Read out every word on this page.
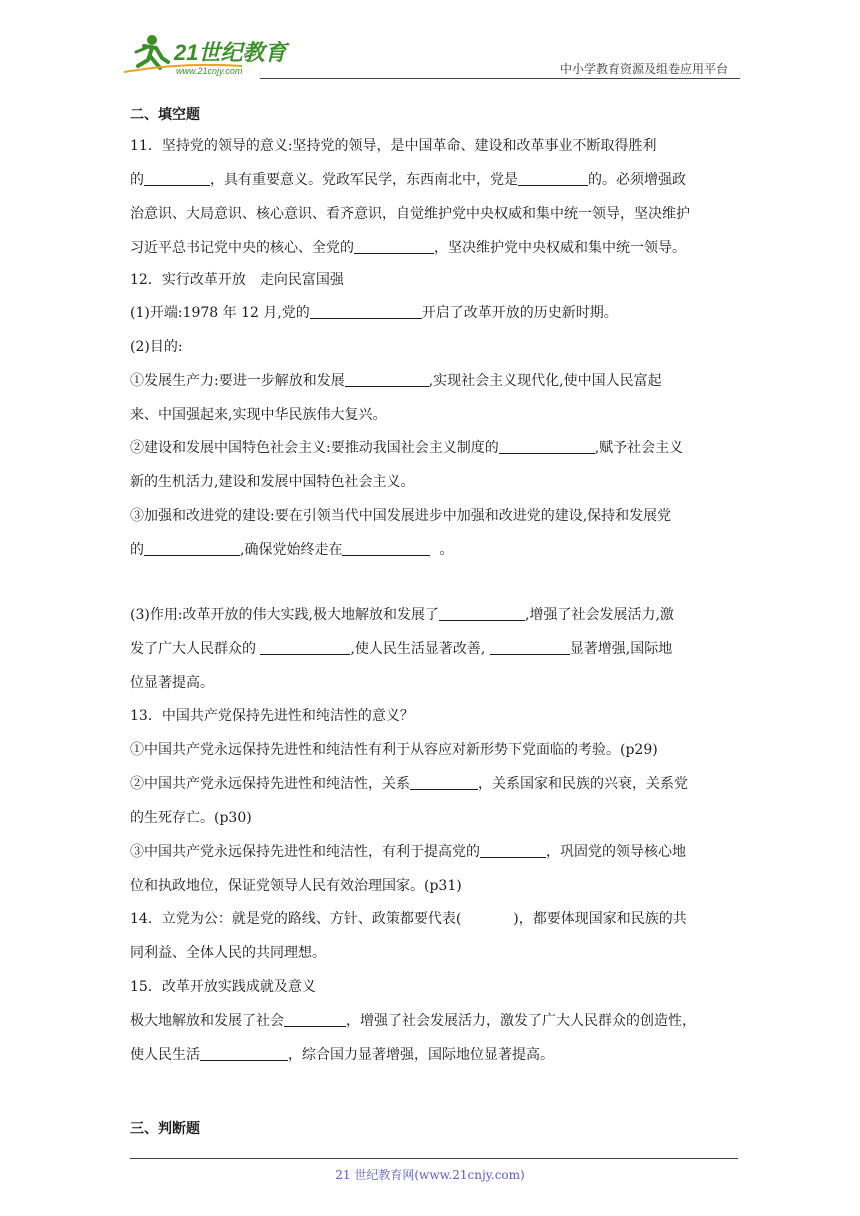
21世纪教育
www.21cnjy.com	中小学教育资源及组卷应用平台
二、填空题
11．坚持党的领导的意义:坚持党的领导，是中国革命、建设和改革事业不断取得胜利
的	，具有重要意义。党政军民学，东西南北中，党是	的。必须增强政
治意识、大局意识、核心意识、看齐意识，自觉维护党中央权威和集中统一领导，坚决维护
习近平总书记党中央的核心、全党的	，坚决维护党中央权威和集中统一领导。
12．实行改革开放　走向民富国强
(1)开端:1978 年 12 月,党的	开启了改革开放的历史新时期。
(2)目的:
①发展生产力:要进一步解放和发展	,实现社会主义现代化,使中国人民富起
来、中国强起来,实现中华民族伟大复兴。
②建设和发展中国特色社会主义:要推动我国社会主义制度的	,赋予社会主义
新的生机活力,建设和发展中国特色社会主义。
③加强和改进党的建设:要在引领当代中国发展进步中加强和改进党的建设,保持和发展党
的	,确保党始终走在	。
(3)作用:改革开放的伟大实践,极大地解放和发展了	,增强了社会发展活力,激
发了广大人民群众的	,使人民生活显著改善,	显著增强,国际地
位显著提高。
13．中国共产党保持先进性和纯洁性的意义？
①中国共产党永远保持先进性和纯洁性有利于从容应对新形势下党面临的考验。(p29)
②中国共产党永远保持先进性和纯洁性，关系	，关系国家和民族的兴衰，关系党
的生死存亡。(p30)
③中国共产党永远保持先进性和纯洁性，有利于提高党的	，巩固党的领导核心地
位和执政地位，保证党领导人民有效治理国家。(p31)
14．立党为公：就是党的路线、方针、政策都要代表(	)，都要体现国家和民族的共
同利益、全体人民的共同理想。
15．改革开放实践成就及意义
极大地解放和发展了社会	，增强了社会发展活力，激发了广大人民群众的创造性，
使人民生活	，综合国力显著增强，国际地位显著提高。
三、判断题
21 世纪教育网(www.21cnjy.com)
